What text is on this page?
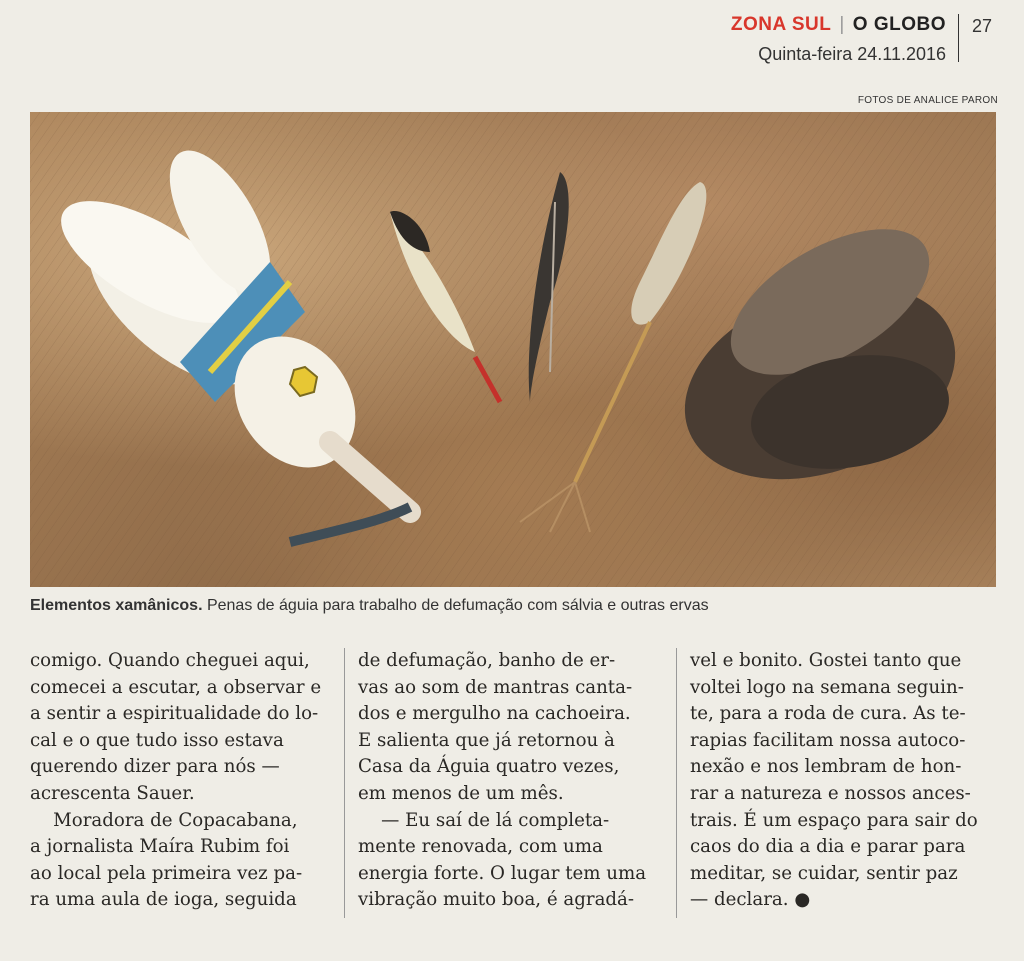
ZONA SUL | O GLOBO
Quinta-feira 24.11.2016
27
FOTOS DE ANALICE PARON
Elementos xamânicos. Penas de águia para trabalho de defumação com sálvia e outras ervas
comigo. Quando cheguei aqui,
comecei a escutar, a observar e
a sentir a espiritualidade do lo-
cal e o que tudo isso estava
querendo dizer para nós —
acrescenta Sauer.
Moradora de Copacabana,
a jornalista Maíra Rubim foi
ao local pela primeira vez pa-
ra uma aula de ioga, seguida
de defumação, banho de er-
vas ao som de mantras canta-
dos e mergulho na cachoeira.
E salienta que já retornou à
Casa da Águia quatro vezes,
em menos de um mês.
— Eu saí de lá completa-
mente renovada, com uma
energia forte. O lugar tem uma
vibração muito boa, é agradá-
vel e bonito. Gostei tanto que
voltei logo na semana seguin-
te, para a roda de cura. As te-
rapias facilitam nossa autoco-
nexão e nos lembram de hon-
rar a natureza e nossos ances-
trais. É um espaço para sair do
caos do dia a dia e parar para
meditar, se cuidar, sentir paz
— declara. ●
